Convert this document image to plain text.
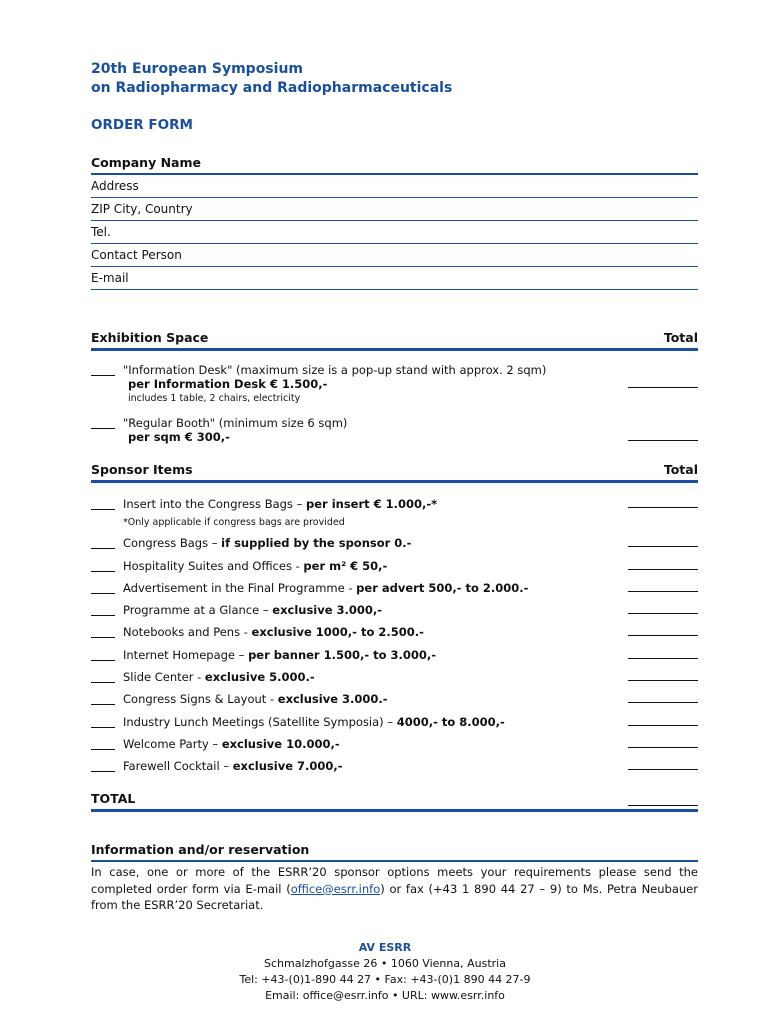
20th European Symposium
on Radiopharmacy and Radiopharmaceuticals
ORDER FORM
Company Name
Address
ZIP City, Country
Tel.
Contact Person
E-mail
Exhibition Space	Total
"Information Desk" (maximum size is a pop-up stand with approx. 2 sqm)
per Information Desk € 1.500,-
includes 1 table, 2 chairs, electricity
"Regular Booth" (minimum size 6 sqm)
per sqm € 300,-
Sponsor Items	Total
Insert into the Congress Bags – per insert € 1.000,-*
*Only applicable if congress bags are provided
Congress Bags – if supplied by the sponsor 0.-
Hospitality Suites and Offices - per m² € 50,-
Advertisement in the Final Programme - per advert 500,- to 2.000.-
Programme at a Glance – exclusive 3.000,-
Notebooks and Pens - exclusive 1000,- to 2.500.-
Internet Homepage – per banner 1.500,- to 3.000,-
Slide Center - exclusive 5.000.-
Congress Signs & Layout - exclusive 3.000.-
Industry Lunch Meetings (Satellite Symposia) – 4000,- to 8.000,-
Welcome Party – exclusive 10.000,-
Farewell Cocktail – exclusive 7.000,-
TOTAL
Information and/or reservation
In case, one or more of the ESRR’20 sponsor options meets your requirements please send the completed order form via E-mail (office@esrr.info) or fax (+43 1 890 44 27 – 9) to Ms. Petra Neubauer from the ESRR’20 Secretariat.
AV ESRR
Schmalzhofgasse 26 • 1060 Vienna, Austria
Tel: +43-(0)1-890 44 27 • Fax: +43-(0)1 890 44 27-9
Email: office@esrr.info • URL: www.esrr.info
